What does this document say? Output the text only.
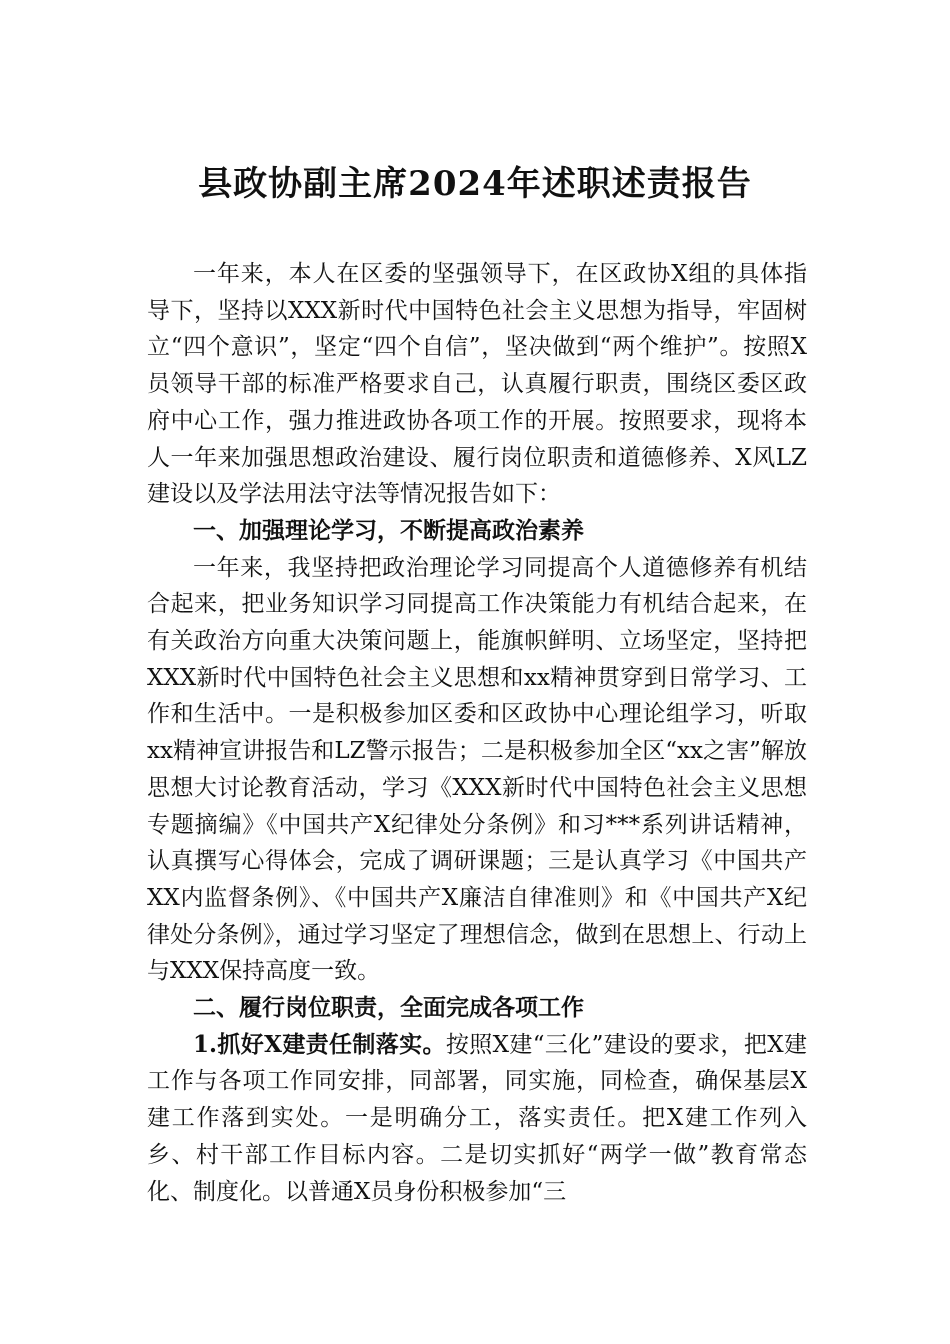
县政协副主席2024年述职述责报告

一年来，本人在区委的坚强领导下，在区政协X组的具体指导下，坚持以XXX新时代中国特色社会主义思想为指导，牢固树立“四个意识”，坚定“四个自信”，坚决做到“两个维护”。按照X员领导干部的标准严格要求自己，认真履行职责，围绕区委区政府中心工作，强力推进政协各项工作的开展。按照要求，现将本人一年来加强思想政治建设、履行岗位职责和道德修养、X风LZ建设以及学法用法守法等情况报告如下：

一、加强理论学习，不断提高政治素养

一年来，我坚持把政治理论学习同提高个人道德修养有机结合起来，把业务知识学习同提高工作决策能力有机结合起来，在有关政治方向重大决策问题上，能旗帜鲜明、立场坚定，坚持把XXX新时代中国特色社会主义思想和xx精神贯穿到日常学习、工作和生活中。一是积极参加区委和区政协中心理论组学习，听取xx精神宣讲报告和LZ警示报告；二是积极参加全区“xx之害”解放思想大讨论教育活动，学习《XXX新时代中国特色社会主义思想专题摘编》《中国共产X纪律处分条例》和习***系列讲话精神，认真撰写心得体会，完成了调研课题；三是认真学习《中国共产XX内监督条例》、《中国共产X廉洁自律准则》和《中国共产X纪律处分条例》，通过学习坚定了理想信念，做到在思想上、行动上与XXX保持高度一致。

二、履行岗位职责，全面完成各项工作

1.抓好X建责任制落实。按照X建“三化”建设的要求，把X建工作与各项工作同安排，同部署，同实施，同检查，确保基层X建工作落到实处。一是明确分工，落实责任。把X建工作列入乡、村干部工作目标内容。二是切实抓好“两学一做”教育常态化、制度化。以普通X员身份积极参加“三
